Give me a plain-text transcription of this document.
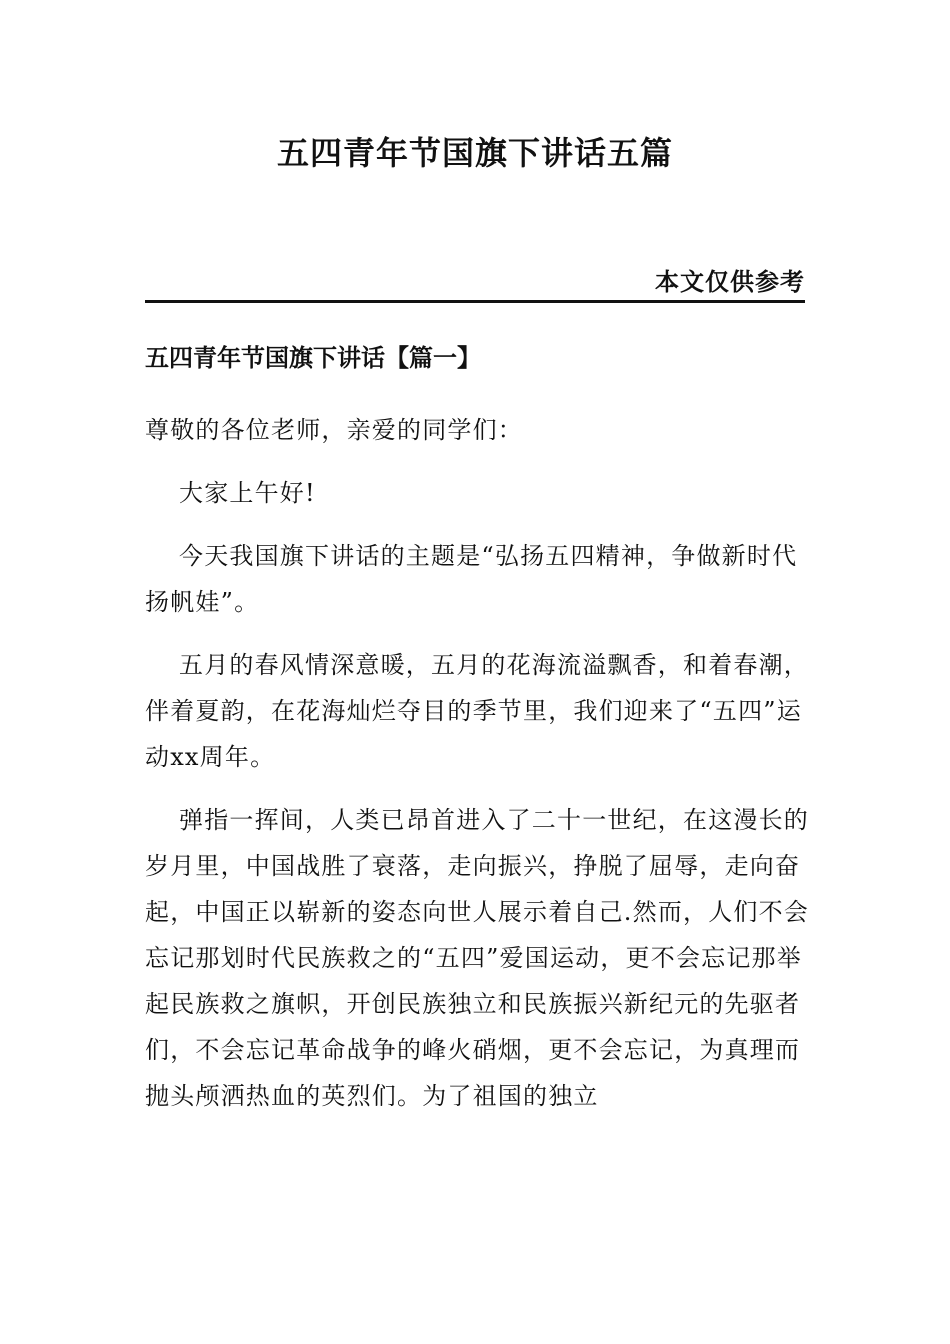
五四青年节国旗下讲话五篇
本文仅供参考
五四青年节国旗下讲话【篇一】

尊敬的各位老师，亲爱的同学们：

大家上午好!

今天我国旗下讲话的主题是“弘扬五四精神，争做新时代扬帆娃”。

五月的春风情深意暖，五月的花海流溢飘香，和着春潮，伴着夏韵，在花海灿烂夺目的季节里，我们迎来了“五四”运动xx周年。

弹指一挥间，人类已昂首进入了二十一世纪，在这漫长的岁月里，中国战胜了衰落，走向振兴，挣脱了屈辱，走向奋起，中国正以崭新的姿态向世人展示着自己.然而，人们不会忘记那划时代民族救之的“五四”爱国运动，更不会忘记那举起民族救之旗帜，开创民族独立和民族振兴新纪元的先驱者们，不会忘记革命战争的峰火硝烟，更不会忘记，为真理而抛头颅洒热血的英烈们。为了祖国的独立
